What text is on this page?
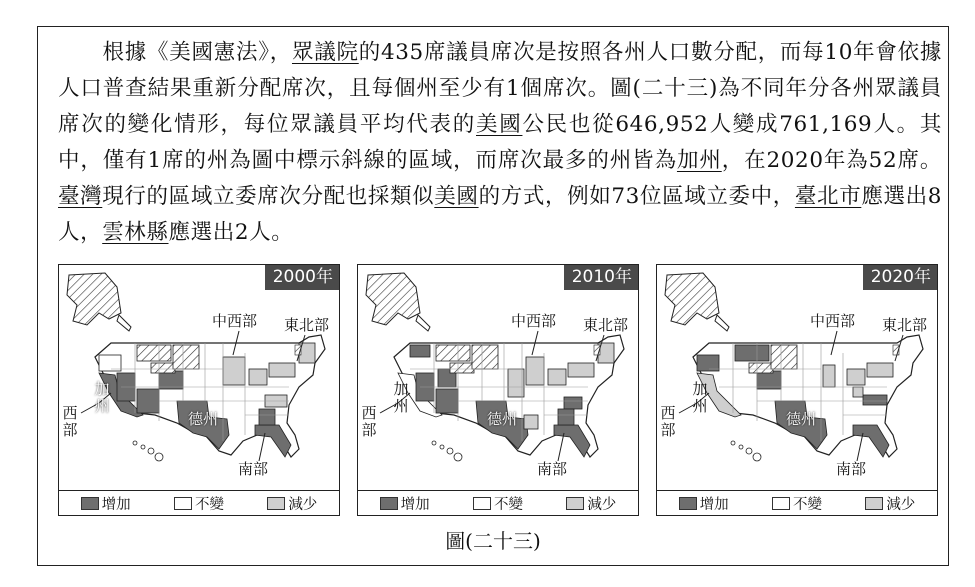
　　根據《美國憲法》，眾議院的435席議員席次是按照各州人口數分配，而每10年會依據人口普查結果重新分配席次，且每個州至少有1個席次。圖(二十三)為不同年分各州眾議員席次的變化情形，每位眾議員平均代表的美國公民也從646,952人變成761,169人。其中，僅有1席的州為圖中標示斜線的區域，而席次最多的州皆為加州，在2020年為52席。臺灣現行的區域立委席次分配也採類似美國的方式，例如73位區域立委中，臺北市應選出8人，雲林縣應選出2人。

2000年
中西部 東北部
西部
加州
德州
南部
增加	不變	減少
2010年
中西部 東北部
西部
加州
德州
南部
增加	不變	減少
2020年
中西部 東北部
西部
加州
德州
南部
增加	不變	減少
圖(二十三)
